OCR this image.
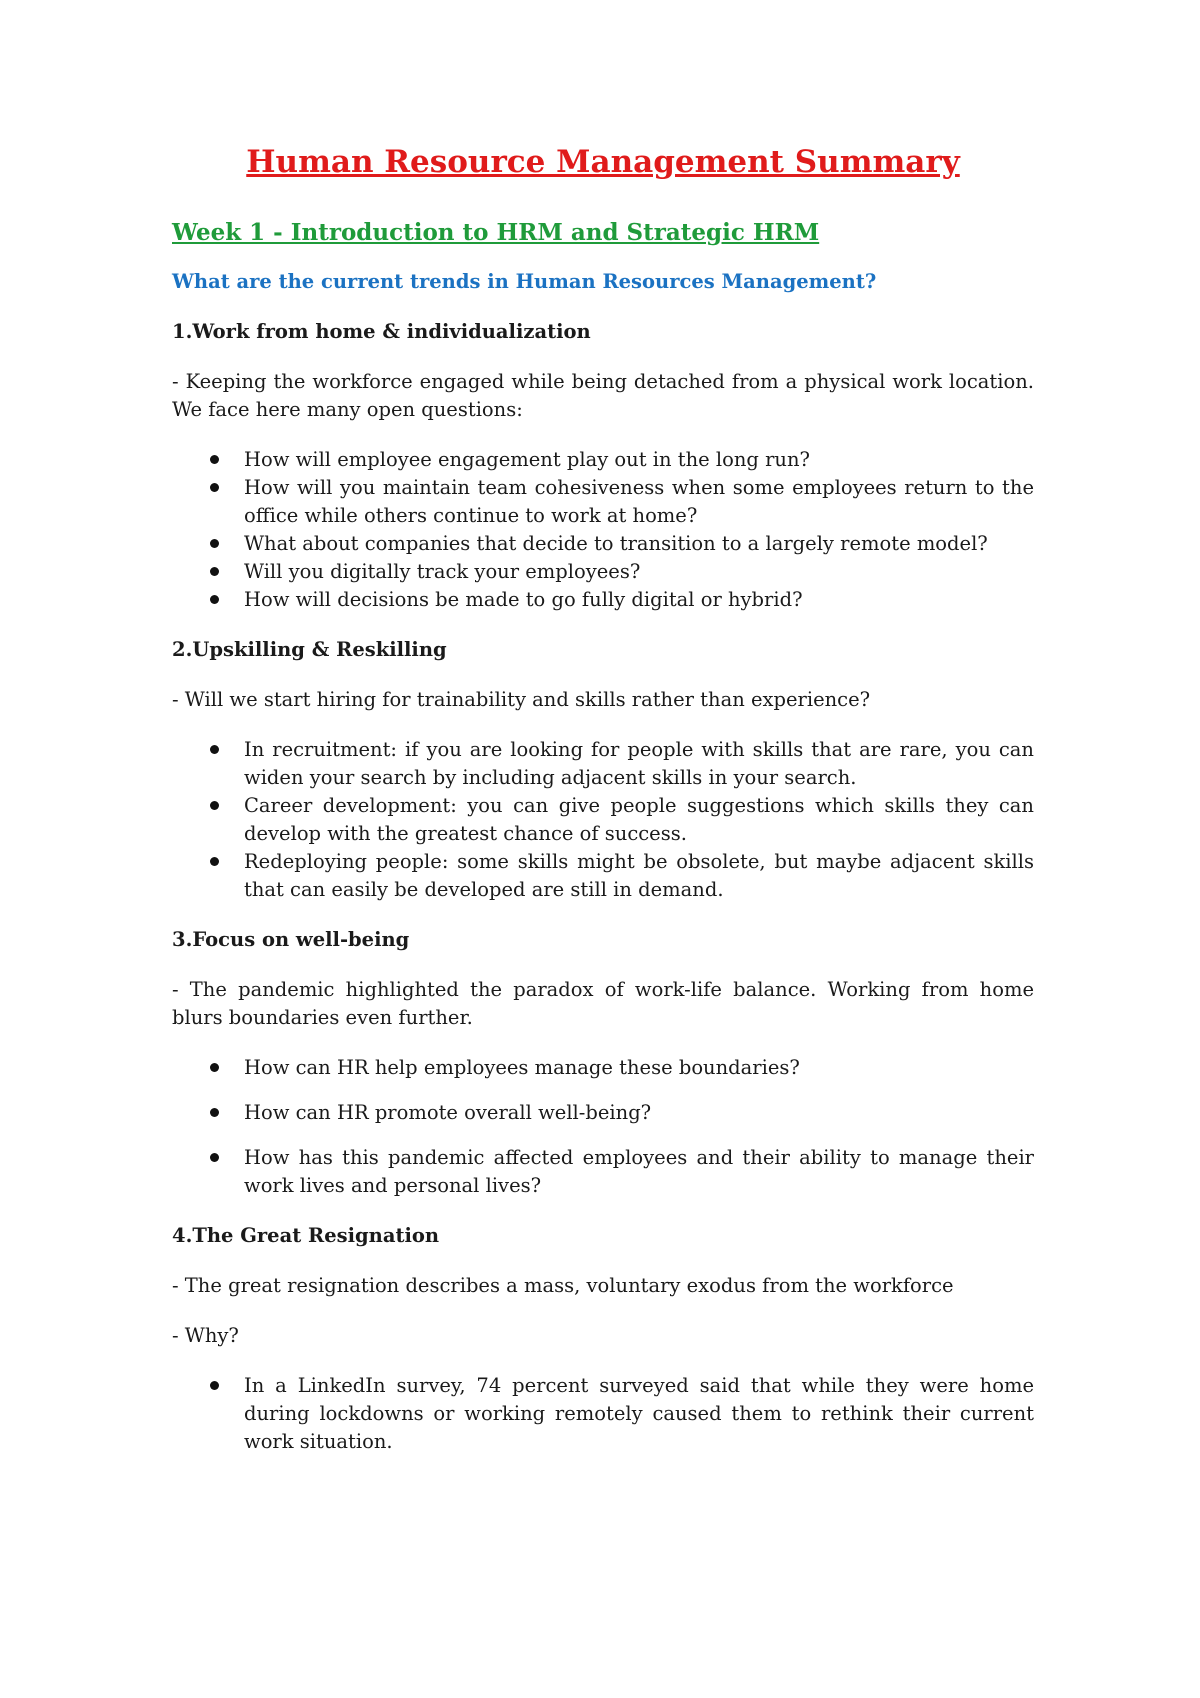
Human Resource Management Summary
Week 1 - Introduction to HRM and Strategic HRM
What are the current trends in Human Resources Management?
1.Work from home & individualization
- Keeping the workforce engaged while being detached from a physical work location. We face here many open questions:
How will employee engagement play out in the long run?
How will you maintain team cohesiveness when some employees return to the office while others continue to work at home?
What about companies that decide to transition to a largely remote model?
Will you digitally track your employees?
How will decisions be made to go fully digital or hybrid?
2.Upskilling & Reskilling
- Will we start hiring for trainability and skills rather than experience?
In recruitment: if you are looking for people with skills that are rare, you can widen your search by including adjacent skills in your search.
Career development: you can give people suggestions which skills they can develop with the greatest chance of success.
Redeploying people: some skills might be obsolete, but maybe adjacent skills that can easily be developed are still in demand.
3.Focus on well-being
- The pandemic highlighted the paradox of work-life balance. Working from home blurs boundaries even further.
How can HR help employees manage these boundaries?
How can HR promote overall well-being?
How has this pandemic affected employees and their ability to manage their work lives and personal lives?
4.The Great Resignation
- The great resignation describes a mass, voluntary exodus from the workforce
- Why?
In a LinkedIn survey, 74 percent surveyed said that while they were home during lockdowns or working remotely caused them to rethink their current work situation.
